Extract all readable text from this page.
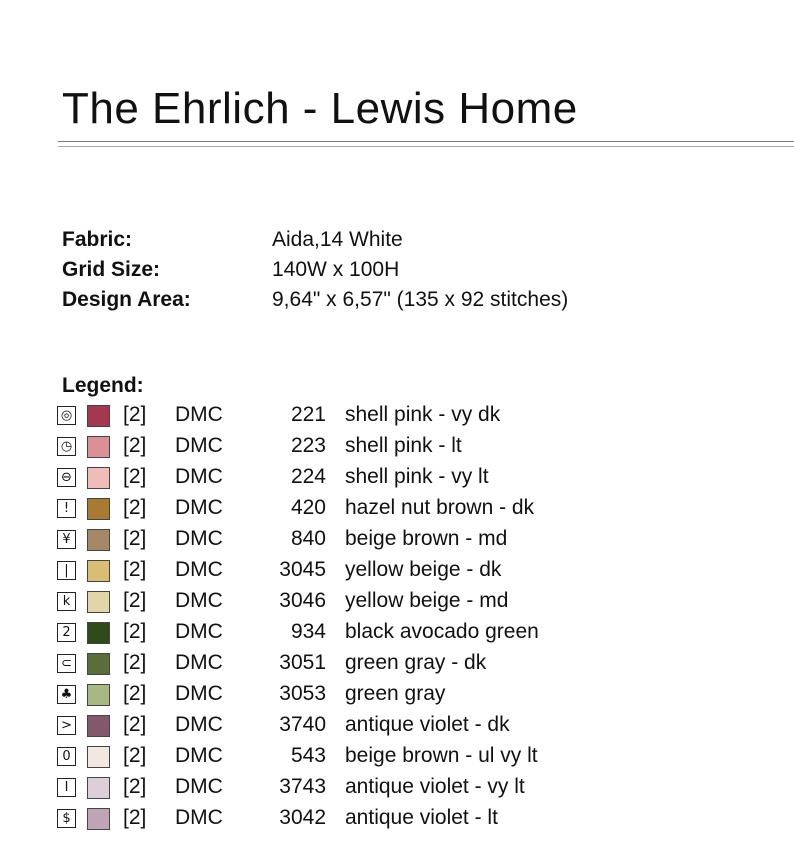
The Ehrlich - Lewis Home
Fabric:	Aida,14 White
Grid Size:	140W x 100H
Design Area:	9,64" x 6,57" (135 x 92 stitches)
Legend:
◎ [2] DMC	221 shell pink - vy dk
◷ [2] DMC	223 shell pink - lt
⊖ [2] DMC	224 shell pink - vy lt
!	[2] DMC	420 hazel nut brown - dk
¥ [2] DMC	840 beige brown - md
|	[2] DMC	3045 yellow beige - dk
k	[2] DMC	3046 yellow beige - md
2 [2] DMC	934 black avocado green
⊂ [2] DMC	3051 green gray - dk
♣ [2] DMC	3053 green gray
> [2] DMC	3740 antique violet - dk
0 [2] DMC	543 beige brown - ul vy lt
I	[2] DMC	3743 antique violet - vy lt
$ [2] DMC	3042 antique violet - lt
